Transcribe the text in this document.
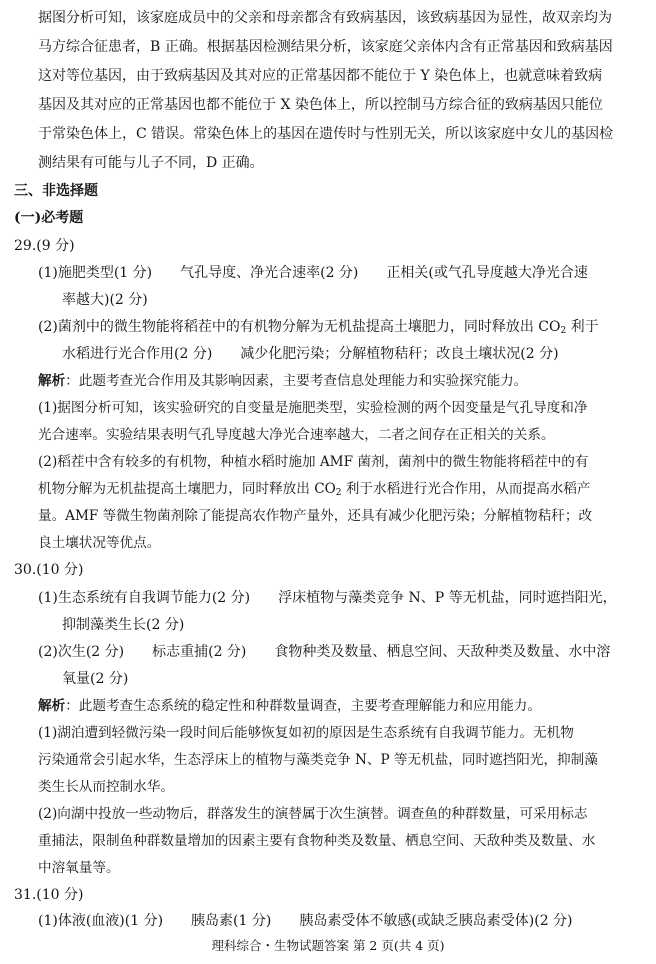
据图分析可知，该家庭成员中的父亲和母亲都含有致病基因，该致病基因为显性，故双亲均为
马方综合征患者，B 正确。根据基因检测结果分析，该家庭父亲体内含有正常基因和致病基因
这对等位基因，由于致病基因及其对应的正常基因都不能位于 Y 染色体上，也就意味着致病
基因及其对应的正常基因也都不能位于 X 染色体上，所以控制马方综合征的致病基因只能位
于常染色体上，C 错误。常染色体上的基因在遗传时与性别无关，所以该家庭中女儿的基因检
测结果有可能与儿子不同，D 正确。
三、非选择题
(一)必考题
29.(9 分)
(1)施肥类型(1 分)　　气孔导度、净光合速率(2 分)　　正相关(或气孔导度越大净光合速
率越大)(2 分)
(2)菌剂中的微生物能将稻茬中的有机物分解为无机盐提高土壤肥力，同时释放出 $CO_2$ 利于
水稻进行光合作用(2 分)　　减少化肥污染；分解植物秸秆；改良土壤状况(2 分)
解析：此题考查光合作用及其影响因素，主要考查信息处理能力和实验探究能力。
(1)据图分析可知，该实验研究的自变量是施肥类型，实验检测的两个因变量是气孔导度和净
光合速率。实验结果表明气孔导度越大净光合速率越大，二者之间存在正相关的关系。
(2)稻茬中含有较多的有机物，种植水稻时施加 AMF 菌剂，菌剂中的微生物能将稻茬中的有
机物分解为无机盐提高土壤肥力，同时释放出 $CO_2$ 利于水稻进行光合作用，从而提高水稻产
量。AMF 等微生物菌剂除了能提高农作物产量外，还具有减少化肥污染；分解植物秸秆；改
良土壤状况等优点。
30.(10 分)
(1)生态系统有自我调节能力(2 分)　　浮床植物与藻类竞争 N、P 等无机盐，同时遮挡阳光，
抑制藻类生长(2 分)
(2)次生(2 分)　　标志重捕(2 分)　　食物种类及数量、栖息空间、天敌种类及数量、水中溶
氧量(2 分)
解析：此题考查生态系统的稳定性和种群数量调查，主要考查理解能力和应用能力。
(1)湖泊遭到轻微污染一段时间后能够恢复如初的原因是生态系统有自我调节能力。无机物
污染通常会引起水华，生态浮床上的植物与藻类竞争 N、P 等无机盐，同时遮挡阳光，抑制藻
类生长从而控制水华。
(2)向湖中投放一些动物后，群落发生的演替属于次生演替。调查鱼的种群数量，可采用标志
重捕法，限制鱼种群数量增加的因素主要有食物种类及数量、栖息空间、天敌种类及数量、水
中溶氧量等。
31.(10 分)
(1)体液(血液)(1 分)　　胰岛素(1 分)　　胰岛素受体不敏感(或缺乏胰岛素受体)(2 分)
理科综合・生物试题答案 第 2 页(共 4 页)
